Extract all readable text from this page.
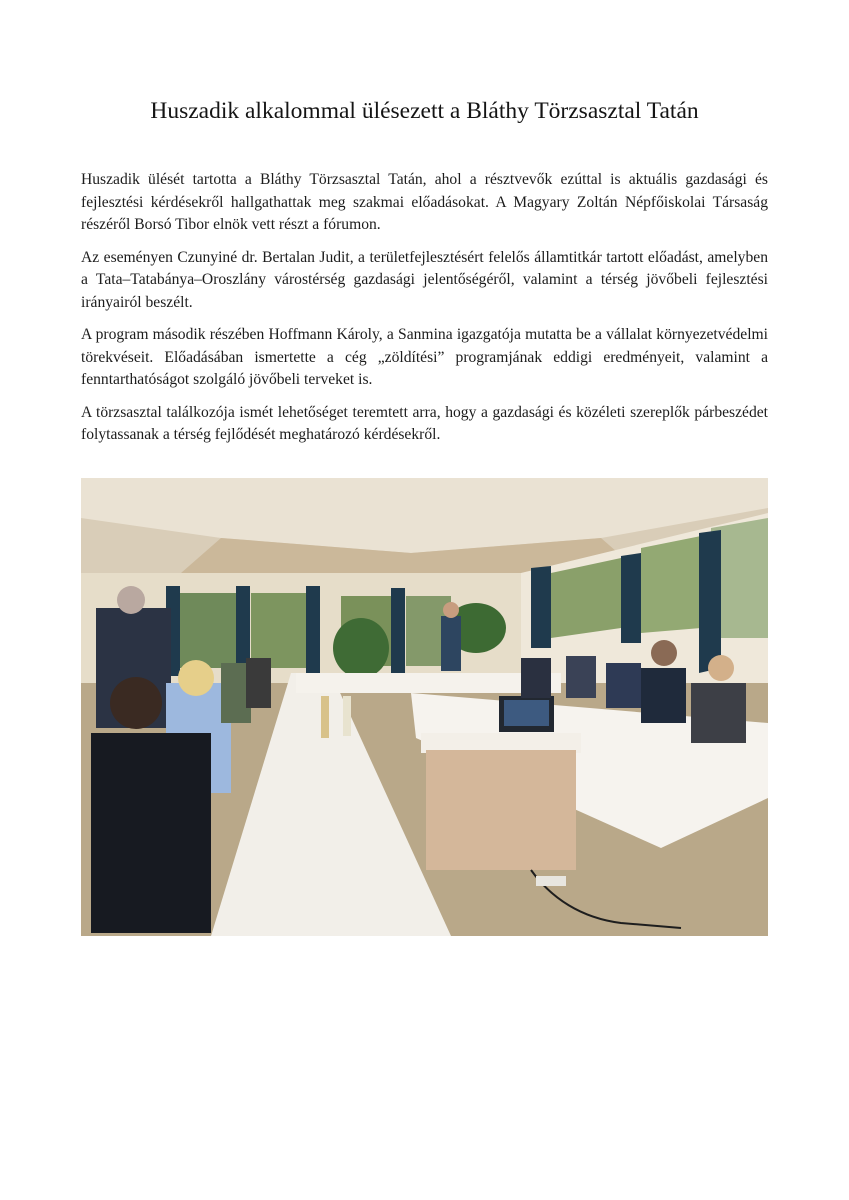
Huszadik alkalommal ülésezett a Bláthy Törzsasztal Tatán

Huszadik ülését tartotta a Bláthy Törzsasztal Tatán, ahol a résztvevők ezúttal is aktuális gazdasági és fejlesztési kérdésekről hallgathattak meg szakmai előadásokat. A Magyary Zoltán Népfőiskolai Társaság részéről Borsó Tibor elnök vett részt a fórumon.

Az eseményen Czunyiné dr. Bertalan Judit, a területfejlesztésért felelős államtitkár tartott előadást, amelyben a Tata–Tatabánya–Oroszlány várostérség gazdasági jelentőségéről, valamint a térség jövőbeli fejlesztési irányairól beszélt.

A program második részében Hoffmann Károly, a Sanmina igazgatója mutatta be a vállalat környezetvédelmi törekvéseit. Előadásában ismertette a cég „zöldítési” programjának eddigi eredményeit, valamint a fenntarthatóságot szolgáló jövőbeli terveket is.

A törzsasztal találkozója ismét lehetőséget teremtett arra, hogy a gazdasági és közéleti szereplők párbeszédet folytassanak a térség fejlődését meghatározó kérdésekről.
